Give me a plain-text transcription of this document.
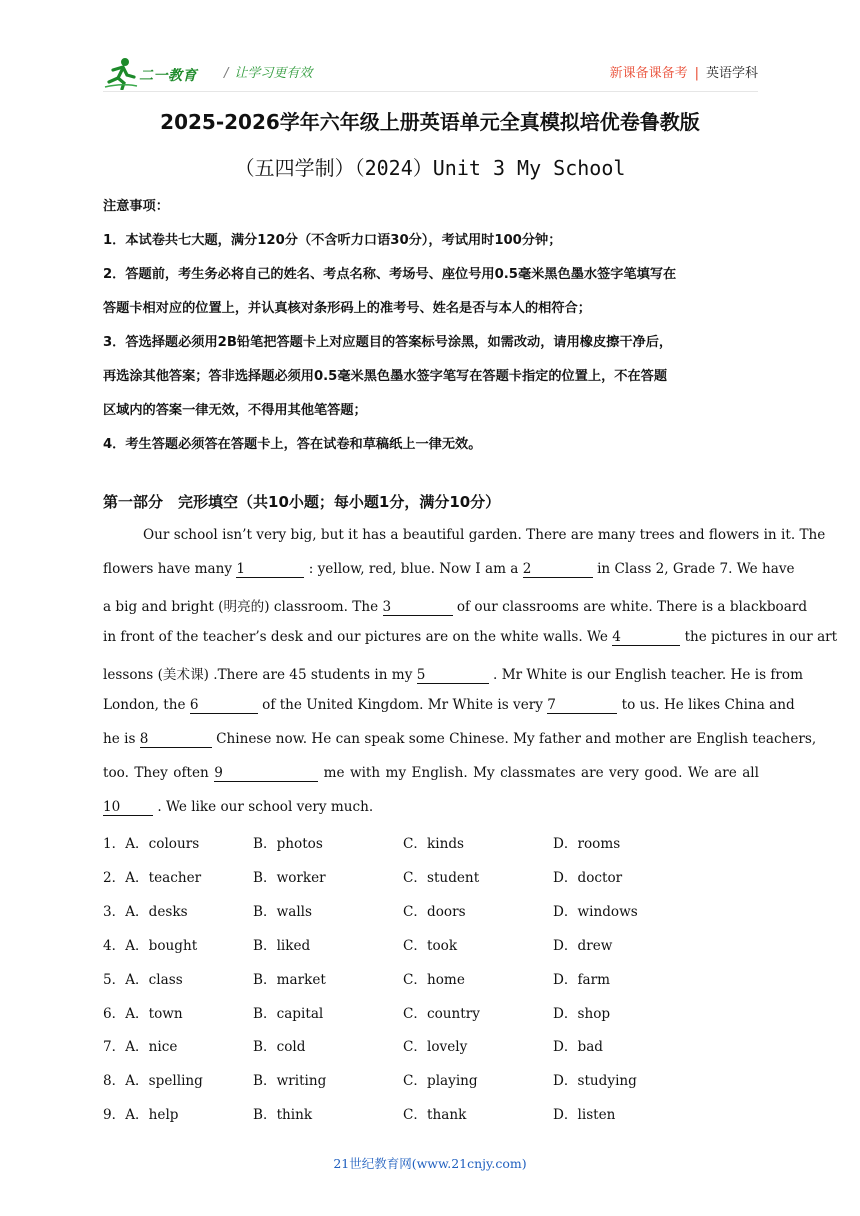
二一教育 / 让学习更有效	新课备课备考 | 英语学科
2025-2026学年六年级上册英语单元全真模拟培优卷鲁教版
（五四学制）（2024）Unit 3 My School
注意事项：
1．本试卷共七大题，满分120分（不含听力口语30分），考试用时100分钟；
2．答题前，考生务必将自己的姓名、考点名称、考场号、座位号用0.5毫米黑色墨水签字笔填写在
答题卡相对应的位置上，并认真核对条形码上的准考号、姓名是否与本人的相符合；
3．答选择题必须用2B铅笔把答题卡上对应题目的答案标号涂黑，如需改动，请用橡皮擦干净后，
再选涂其他答案；答非选择题必须用0.5毫米黑色墨水签字笔写在答题卡指定的位置上，不在答题
区域内的答案一律无效，不得用其他笔答题；
4．考生答题必须答在答题卡上，答在试卷和草稿纸上一律无效。
第一部分　完形填空（共10小题；每小题1分，满分10分）
Our school isn’t very big, but it has a beautiful garden. There are many trees and flowers in it. The
flowers have many 1	: yellow, red, blue. Now I am a 2	in Class 2, Grade 7. We have
a big and bright (明亮的) classroom. The 3	of our classrooms are white. There is a blackboard
in front of the teacher’s desk and our pictures are on the white walls. We 4	the pictures in our art
lessons (美术课) .There are 45 students in my 5	. Mr White is our English teacher. He is from
London, the 6	of the United Kingdom. Mr White is very 7	to us. He likes China and
he is 8	Chinese now. He can speak some Chinese. My father and mother are English teachers,
too. They often 9	me with my English. My classmates are very good. We are all
10	. We like our school very much.
1．A．colours	B．photos	C．kinds	D．rooms
2．A．teacher	B．worker	C．student	D．doctor
3．A．desks	B．walls	C．doors	D．windows
4．A．bought	B．liked	C．took	D．drew
5．A．class	B．market	C．home	D．farm
6．A．town	B．capital	C．country	D．shop
7．A．nice	B．cold	C．lovely	D．bad
8．A．spelling	B．writing	C．playing	D．studying
9．A．help	B．think	C．thank	D．listen
21世纪教育网(www.21cnjy.com)
